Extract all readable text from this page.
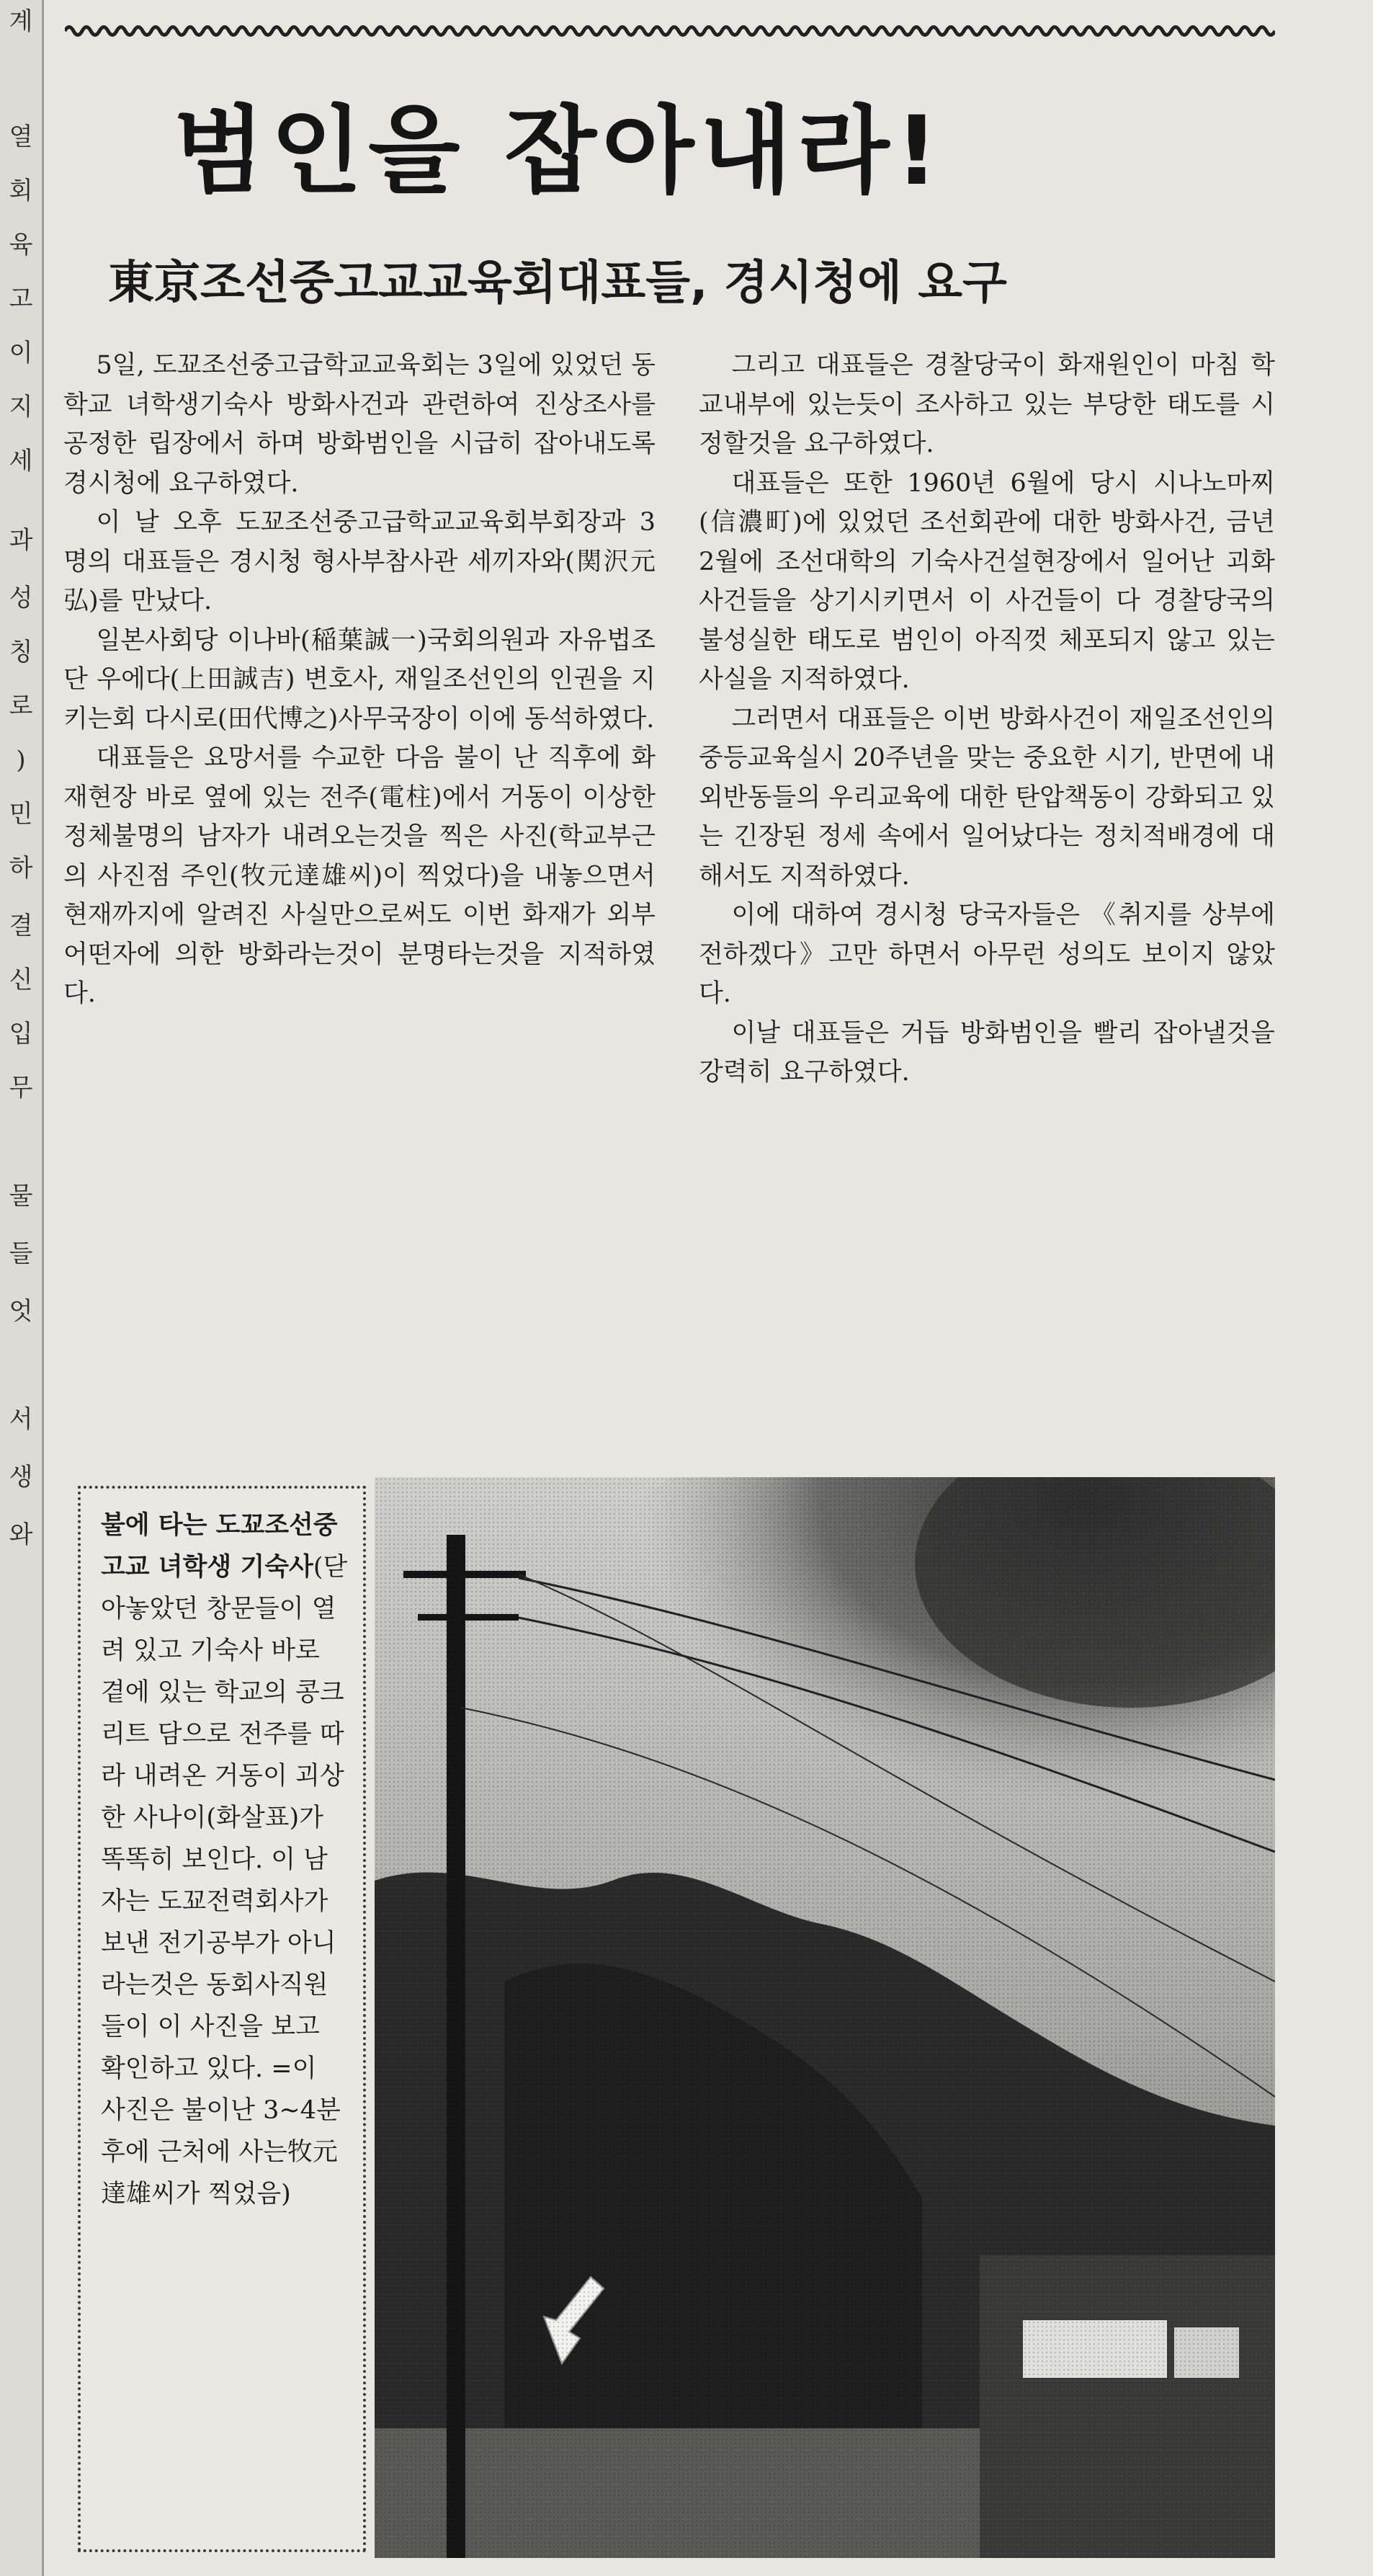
계
열
회
육
고
이
지
세
과
성
칭
로
)
민
하
결
신
입
무
물
들
엇
서
생
와
범인을 잡아내라!
東京조선중고교교육회대표들, 경시청에 요구

5일, 도꾜조선중고급학교교육회는 3일에 있었던 동학교 녀학생기숙사 방화사건과 관련하여 진상조사를 공정한 립장에서 하며 방화범인을 시급히 잡아내도록 경시청에 요구하였다.

이 날 오후 도꾜조선중고급학교교육회부회장과 3명의 대표들은 경시청 형사부참사관 세끼자와(関沢元弘)를 만났다.

일본사회당 이나바(稲葉誠一)국회의원과 자유법조단 우에다(上田誠吉) 변호사, 재일조선인의 인권을 지키는회 다시로(田代博之)사무국장이 이에 동석하였다.

대표들은 요망서를 수교한 다음 불이 난 직후에 화재현장 바로 옆에 있는 전주(電柱)에서 거동이 이상한 정체불명의 남자가 내려오는것을 찍은 사진(학교부근의 사진점 주인(牧元達雄씨)이 찍었다)을 내놓으면서 현재까지에 알려진 사실만으로써도 이번 화재가 외부 어떤자에 의한 방화라는것이 분명타는것을 지적하였다.

그리고 대표들은 경찰당국이 화재원인이 마침 학교내부에 있는듯이 조사하고 있는 부당한 태도를 시정할것을 요구하였다.

대표들은 또한 1960년 6월에 당시 시나노마찌(信濃町)에 있었던 조선회관에 대한 방화사건, 금년 2월에 조선대학의 기숙사건설현장에서 일어난 괴화사건들을 상기시키면서 이 사건들이 다 경찰당국의 불성실한 태도로 범인이 아직껏 체포되지 않고 있는 사실을 지적하였다.

그러면서 대표들은 이번 방화사건이 재일조선인의 중등교육실시 20주년을 맞는 중요한 시기, 반면에 내외반동들의 우리교육에 대한 탄압책동이 강화되고 있는 긴장된 정세 속에서 일어났다는 정치적배경에 대해서도 지적하였다.

이에 대하여 경시청 당국자들은 《취지를 상부에 전하겠다》고만 하면서 아무런 성의도 보이지 않았다.

이날 대표들은 거듭 방화범인을 빨리 잡아낼것을 강력히 요구하였다.

불에 타는 도꾜조선중고교 녀학생 기숙사(닫아놓았던 창문들이 열려 있고 기숙사 바로 곁에 있는 학교의 콩크리트 담으로 전주를 따라 내려온 거동이 괴상한 사나이(화살표)가 똑똑히 보인다. 이 남자는 도꾜전력회사가 보낸 전기공부가 아니라는것은 동회사직원들이 이 사진을 보고 확인하고 있다. =이 사진은 불이난 3~4분후에 근처에 사는牧元達雄씨가 찍었음)
